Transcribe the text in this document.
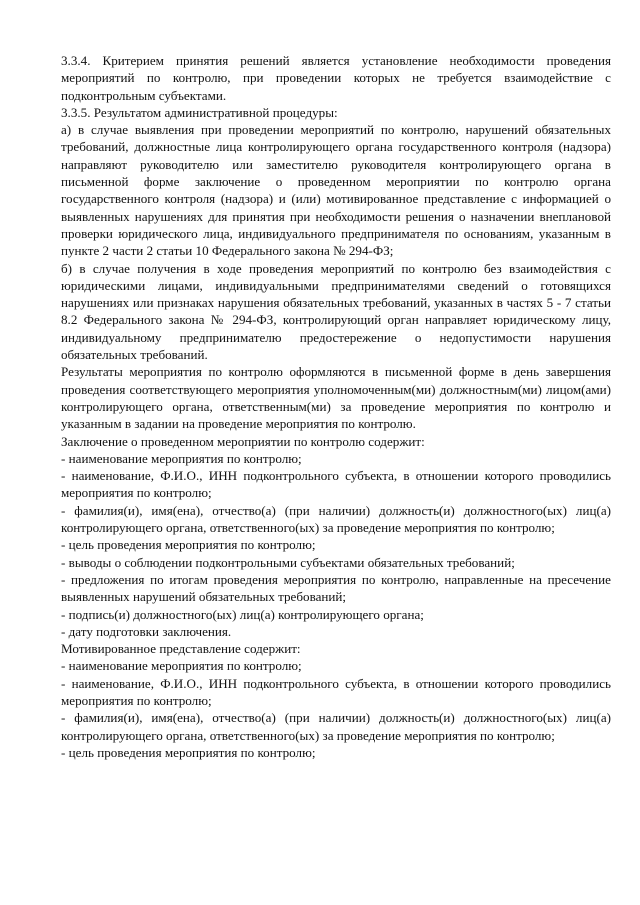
3.3.4. Критерием принятия решений является установление необходимости проведения мероприятий по контролю, при проведении которых не требуется взаимодействие с подконтрольным субъектами.

3.3.5. Результатом административной процедуры:

а) в случае выявления при проведении мероприятий по контролю, нарушений обязательных требований, должностные лица контролирующего органа государственного контроля (надзора) направляют руководителю или заместителю руководителя контролирующего органа в письменной форме заключение о проведенном мероприятии по контролю органа государственного контроля (надзора) и (или) мотивированное представление с информацией о выявленных нарушениях для принятия при необходимости решения о назначении внеплановой проверки юридического лица, индивидуального предпринимателя по основаниям, указанным в пункте 2 части 2 статьи 10 Федерального закона № 294-ФЗ;

б) в случае получения в ходе проведения мероприятий по контролю без взаимодействия с юридическими лицами, индивидуальными предпринимателями сведений о готовящихся нарушениях или признаках нарушения обязательных требований, указанных в частях 5 - 7 статьи 8.2 Федерального закона № 294-ФЗ, контролирующий орган направляет юридическому лицу, индивидуальному предпринимателю предостережение о недопустимости нарушения обязательных требований.

Результаты мероприятия по контролю оформляются в письменной форме в день завершения проведения соответствующего мероприятия уполномоченным(ми) должностным(ми) лицом(ами) контролирующего органа, ответственным(ми) за проведение мероприятия по контролю и указанным в задании на проведение мероприятия по контролю.

Заключение о проведенном мероприятии по контролю содержит:

- наименование мероприятия по контролю;

- наименование, Ф.И.О., ИНН подконтрольного субъекта, в отношении которого проводились мероприятия по контролю;

- фамилия(и), имя(ена), отчество(а) (при наличии) должность(и) должностного(ых) лиц(а) контролирующего органа, ответственного(ых) за проведение мероприятия по контролю;

- цель проведения мероприятия по контролю;

- выводы о соблюдении подконтрольными субъектами обязательных требований;

- предложения по итогам проведения мероприятия по контролю, направленные на пресечение выявленных нарушений обязательных требований;

- подпись(и) должностного(ых) лиц(а) контролирующего органа;

- дату подготовки заключения.

Мотивированное представление содержит:

- наименование мероприятия по контролю;

- наименование, Ф.И.О., ИНН подконтрольного субъекта, в отношении которого проводились мероприятия по контролю;

- фамилия(и), имя(ена), отчество(а) (при наличии) должность(и) должностного(ых) лиц(а) контролирующего органа, ответственного(ых) за проведение мероприятия по контролю;

- цель проведения мероприятия по контролю;
